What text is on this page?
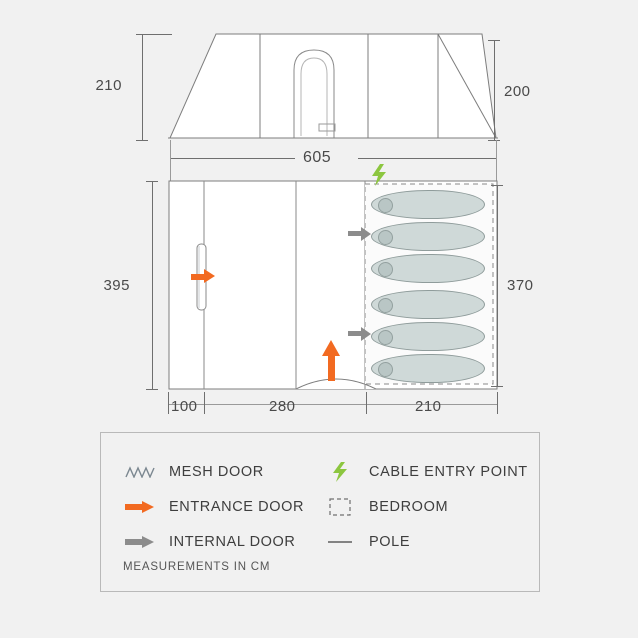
210	200
605
395	370
100	280	210
MESH DOOR
ENTRANCE DOOR
INTERNAL DOOR
CABLE ENTRY POINT
BEDROOM
POLE
MEASUREMENTS IN CM
